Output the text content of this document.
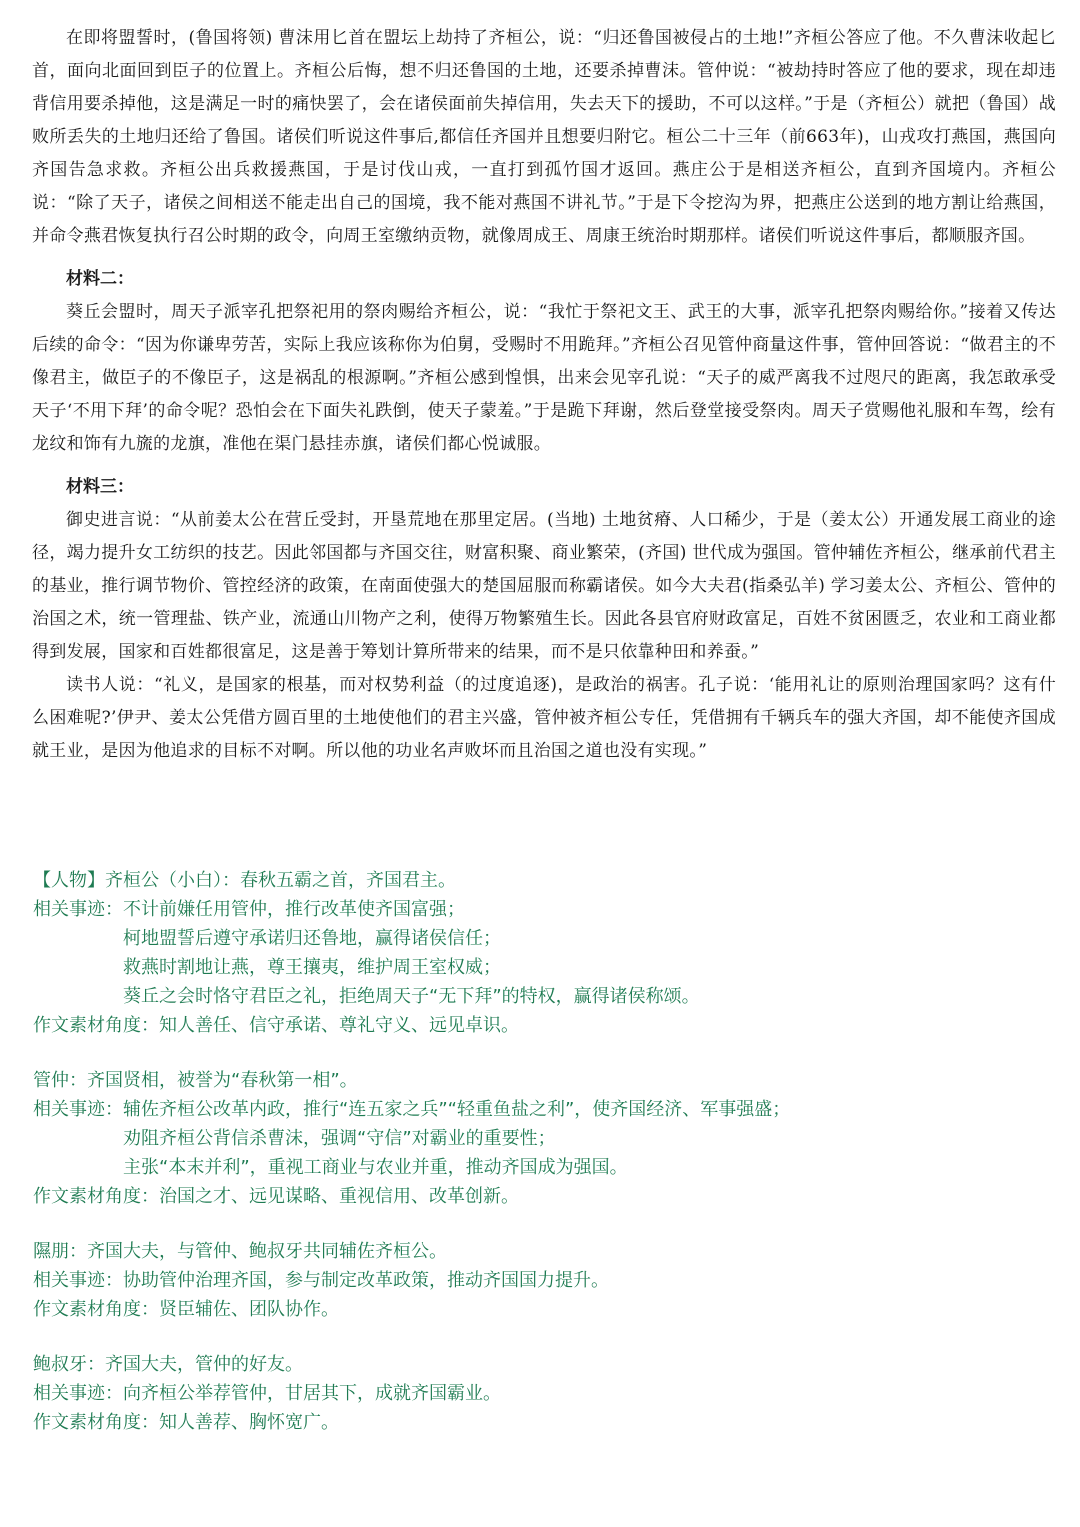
在即将盟誓时，(鲁国将领) 曹沫用匕首在盟坛上劫持了齐桓公，说：“归还鲁国被侵占的土地!”齐桓公答应了他。不久曹沫收起匕首，面向北面回到臣子的位置上。齐桓公后悔，想不归还鲁国的土地，还要杀掉曹沫。管仲说：“被劫持时答应了他的要求，现在却违背信用要杀掉他，这是满足一时的痛快罢了，会在诸侯面前失掉信用，失去天下的援助，不可以这样。”于是（齐桓公）就把（鲁国）战败所丢失的土地归还给了鲁国。诸侯们听说这件事后,都信任齐国并且想要归附它。桓公二十三年（前663年)，山戎攻打燕国，燕国向齐国告急求救。齐桓公出兵救援燕国，于是讨伐山戎，一直打到孤竹国才返回。燕庄公于是相送齐桓公，直到齐国境内。齐桓公说：“除了天子，诸侯之间相送不能走出自己的国境，我不能对燕国不讲礼节。”于是下令挖沟为界，把燕庄公送到的地方割让给燕国，并命令燕君恢复执行召公时期的政令，向周王室缴纳贡物，就像周成王、周康王统治时期那样。诸侯们听说这件事后，都顺服齐国。

材料二：

葵丘会盟时，周天子派宰孔把祭祀用的祭肉赐给齐桓公，说：“我忙于祭祀文王、武王的大事，派宰孔把祭肉赐给你。”接着又传达后续的命令：“因为你谦卑劳苦，实际上我应该称你为伯舅，受赐时不用跪拜。”齐桓公召见管仲商量这件事，管仲回答说：“做君主的不像君主，做臣子的不像臣子，这是祸乱的根源啊。”齐桓公感到惶惧，出来会见宰孔说：“天子的威严离我不过咫尺的距离，我怎敢承受天子‘不用下拜’的命令呢？恐怕会在下面失礼跌倒，使天子蒙羞。”于是跪下拜谢，然后登堂接受祭肉。周天子赏赐他礼服和车驾，绘有龙纹和饰有九旒的龙旗，准他在渠门悬挂赤旗，诸侯们都心悦诚服。

材料三：

御史进言说：“从前姜太公在营丘受封，开垦荒地在那里定居。(当地) 土地贫瘠、人口稀少，于是（姜太公）开通发展工商业的途径，竭力提升女工纺织的技艺。因此邻国都与齐国交往，财富积聚、商业繁荣，(齐国) 世代成为强国。管仲辅佐齐桓公，继承前代君主的基业，推行调节物价、管控经济的政策，在南面使强大的楚国屈服而称霸诸侯。如今大夫君(指桑弘羊) 学习姜太公、齐桓公、管仲的治国之术，统一管理盐、铁产业，流通山川物产之利，使得万物繁殖生长。因此各县官府财政富足，百姓不贫困匮乏，农业和工商业都得到发展，国家和百姓都很富足，这是善于筹划计算所带来的结果，而不是只依靠种田和养蚕。”

读书人说：“礼义，是国家的根基，而对权势利益（的过度追逐)，是政治的祸害。孔子说：‘能用礼让的原则治理国家吗？这有什么困难呢?’伊尹、姜太公凭借方圆百里的土地使他们的君主兴盛，管仲被齐桓公专任，凭借拥有千辆兵车的强大齐国，却不能使齐国成就王业，是因为他追求的目标不对啊。所以他的功业名声败坏而且治国之道也没有实现。”

【人物】齐桓公（小白）：春秋五霸之首，齐国君主。

相关事迹： 不计前嫌任用管仲，推行改革使齐国富强；

柯地盟誓后遵守承诺归还鲁地，赢得诸侯信任；

救燕时割地让燕，尊王攘夷，维护周王室权威；

葵丘之会时恪守君臣之礼，拒绝周天子“无下拜”的特权，赢得诸侯称颂。

作文素材角度：知人善任、信守承诺、尊礼守义、远见卓识。

管仲：齐国贤相，被誉为“春秋第一相”。

相关事迹： 辅佐齐桓公改革内政，推行“连五家之兵”“轻重鱼盐之利”，使齐国经济、军事强盛；

劝阻齐桓公背信杀曹沫，强调“守信”对霸业的重要性；

主张“本末并利”，重视工商业与农业并重，推动齐国成为强国。

作文素材角度：治国之才、远见谋略、重视信用、改革创新。

隰朋：齐国大夫，与管仲、鲍叔牙共同辅佐齐桓公。

相关事迹： 协助管仲治理齐国，参与制定改革政策，推动齐国国力提升。

作文素材角度：贤臣辅佐、团队协作。

鲍叔牙：齐国大夫，管仲的好友。

相关事迹： 向齐桓公举荐管仲，甘居其下，成就齐国霸业。

作文素材角度：知人善荐、胸怀宽广。
